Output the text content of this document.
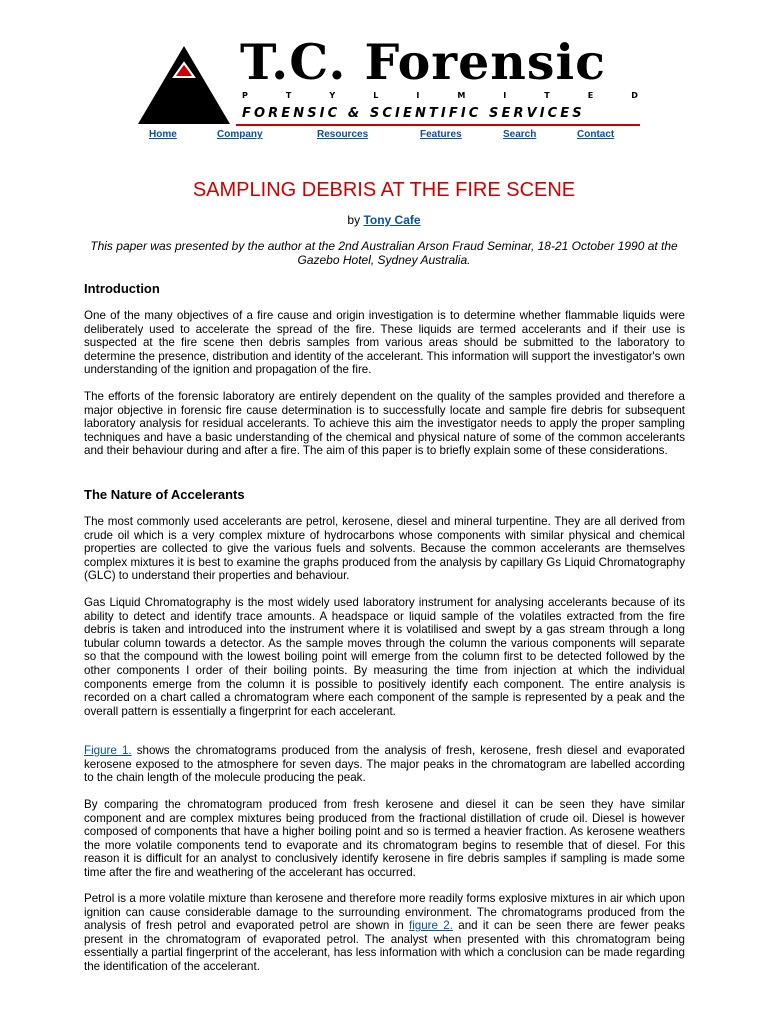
T.C. Forensic
P	T	Y	L	I	M	I	T	E	D
FORENSIC & SCIENTIFIC SERVICES
Home	Company	Resources	Features	Search	Contact
SAMPLING DEBRIS AT THE FIRE SCENE
by Tony Cafe

This paper was presented by the author at the 2nd Australian Arson Fraud Seminar, 18-21 October 1990 at the Gazebo Hotel, Sydney Australia.

Introduction

One of the many objectives of a fire cause and origin investigation is to determine whether flammable liquids were deliberately used to accelerate the spread of the fire. These liquids are termed accelerants and if their use is suspected at the fire scene then debris samples from various areas should be submitted to the laboratory to determine the presence, distribution and identity of the accelerant. This information will support the investigator's own understanding of the ignition and propagation of the fire.

The efforts of the forensic laboratory are entirely dependent on the quality of the samples provided and therefore a major objective in forensic fire cause determination is to successfully locate and sample fire debris for subsequent laboratory analysis for residual accelerants. To achieve this aim the investigator needs to apply the proper sampling techniques and have a basic understanding of the chemical and physical nature of some of the common accelerants and their behaviour during and after a fire. The aim of this paper is to briefly explain some of these considerations.

The Nature of Accelerants

The most commonly used accelerants are petrol, kerosene, diesel and mineral turpentine. They are all derived from crude oil which is a very complex mixture of hydrocarbons whose components with similar physical and chemical properties are collected to give the various fuels and solvents. Because the common accelerants are themselves complex mixtures it is best to examine the graphs produced from the analysis by capillary Gs Liquid Chromatography (GLC) to understand their properties and behaviour.

Gas Liquid Chromatography is the most widely used laboratory instrument for analysing accelerants because of its ability to detect and identify trace amounts. A headspace or liquid sample of the volatiles extracted from the fire debris is taken and introduced into the instrument where it is volatilised and swept by a gas stream through a long tubular column towards a detector. As the sample moves through the column the various components will separate so that the compound with the lowest boiling point will emerge from the column first to be detected followed by the other components I order of their boiling points. By measuring the time from injection at which the individual components emerge from the column it is possible to positively identify each component. The entire analysis is recorded on a chart called a chromatogram where each component of the sample is represented by a peak and the overall pattern is essentially a fingerprint for each accelerant.

Figure 1. shows the chromatograms produced from the analysis of fresh, kerosene, fresh diesel and evaporated kerosene exposed to the atmosphere for seven days. The major peaks in the chromatogram are labelled according to the chain length of the molecule producing the peak.

By comparing the chromatogram produced from fresh kerosene and diesel it can be seen they have similar component and are complex mixtures being produced from the fractional distillation of crude oil. Diesel is however composed of components that have a higher boiling point and so is termed a heavier fraction. As kerosene weathers the more volatile components tend to evaporate and its chromatogram begins to resemble that of diesel. For this reason it is difficult for an analyst to conclusively identify kerosene in fire debris samples if sampling is made some time after the fire and weathering of the accelerant has occurred.

Petrol is a more volatile mixture than kerosene and therefore more readily forms explosive mixtures in air which upon ignition can cause considerable damage to the surrounding environment. The chromatograms produced from the analysis of fresh petrol and evaporated petrol are shown in figure 2. and it can be seen there are fewer peaks present in the chromatogram of evaporated petrol. The analyst when presented with this chromatogram being essentially a partial fingerprint of the accelerant, has less information with which a conclusion can be made regarding the identification of the accelerant.
